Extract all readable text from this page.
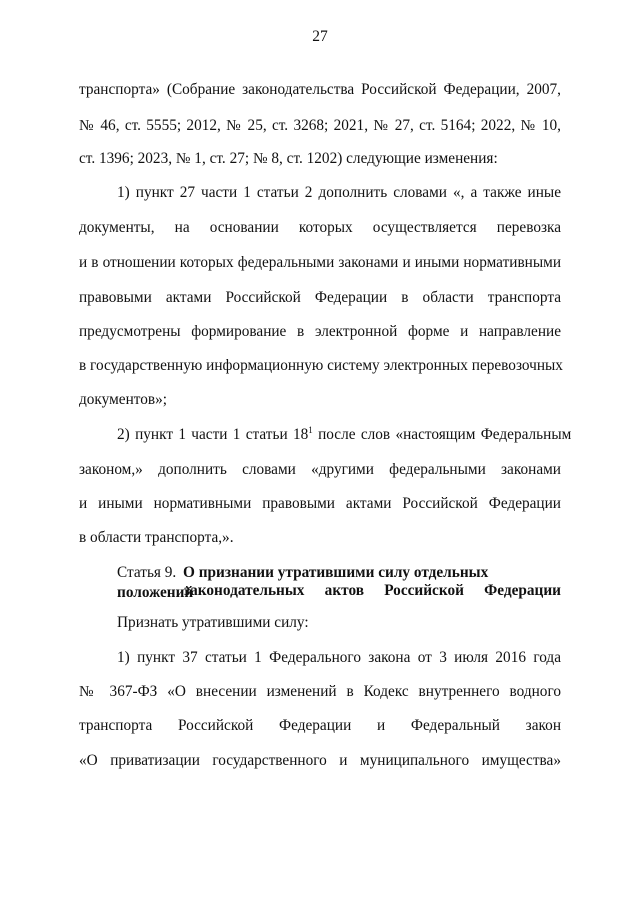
27
транспорта» (Собрание законодательства Российской Федерации, 2007,
№ 46, ст. 5555; 2012, № 25, ст. 3268; 2021, № 27, ст. 5164; 2022, № 10,
ст. 1396; 2023, № 1, ст. 27; № 8, ст. 1202) следующие изменения:
1) пункт 27 части 1 статьи 2 дополнить словами «, а также иные
документы, на основании которых осуществляется перевозка
и в отношении которых федеральными законами и иными нормативными
правовыми актами Российской Федерации в области транспорта
предусмотрены формирование в электронной форме и направление
в государственную информационную систему электронных перевозочных
документов»;
2) пункт 1 части 1 статьи $18^1$ после слов «настоящим Федеральным
законом,» дополнить словами «другими федеральными законами
и иными нормативными правовыми актами Российской Федерации
в области транспорта,».
Статья 9. О признании утратившими силу отдельных положений
законодательных актов Российской Федерации
Признать утратившими силу:
1) пункт 37 статьи 1 Федерального закона от 3 июля 2016 года
№ 367-ФЗ «О внесении изменений в Кодекс внутреннего водного
транспорта Российской Федерации и Федеральный закон
«О приватизации государственного и муниципального имущества»
